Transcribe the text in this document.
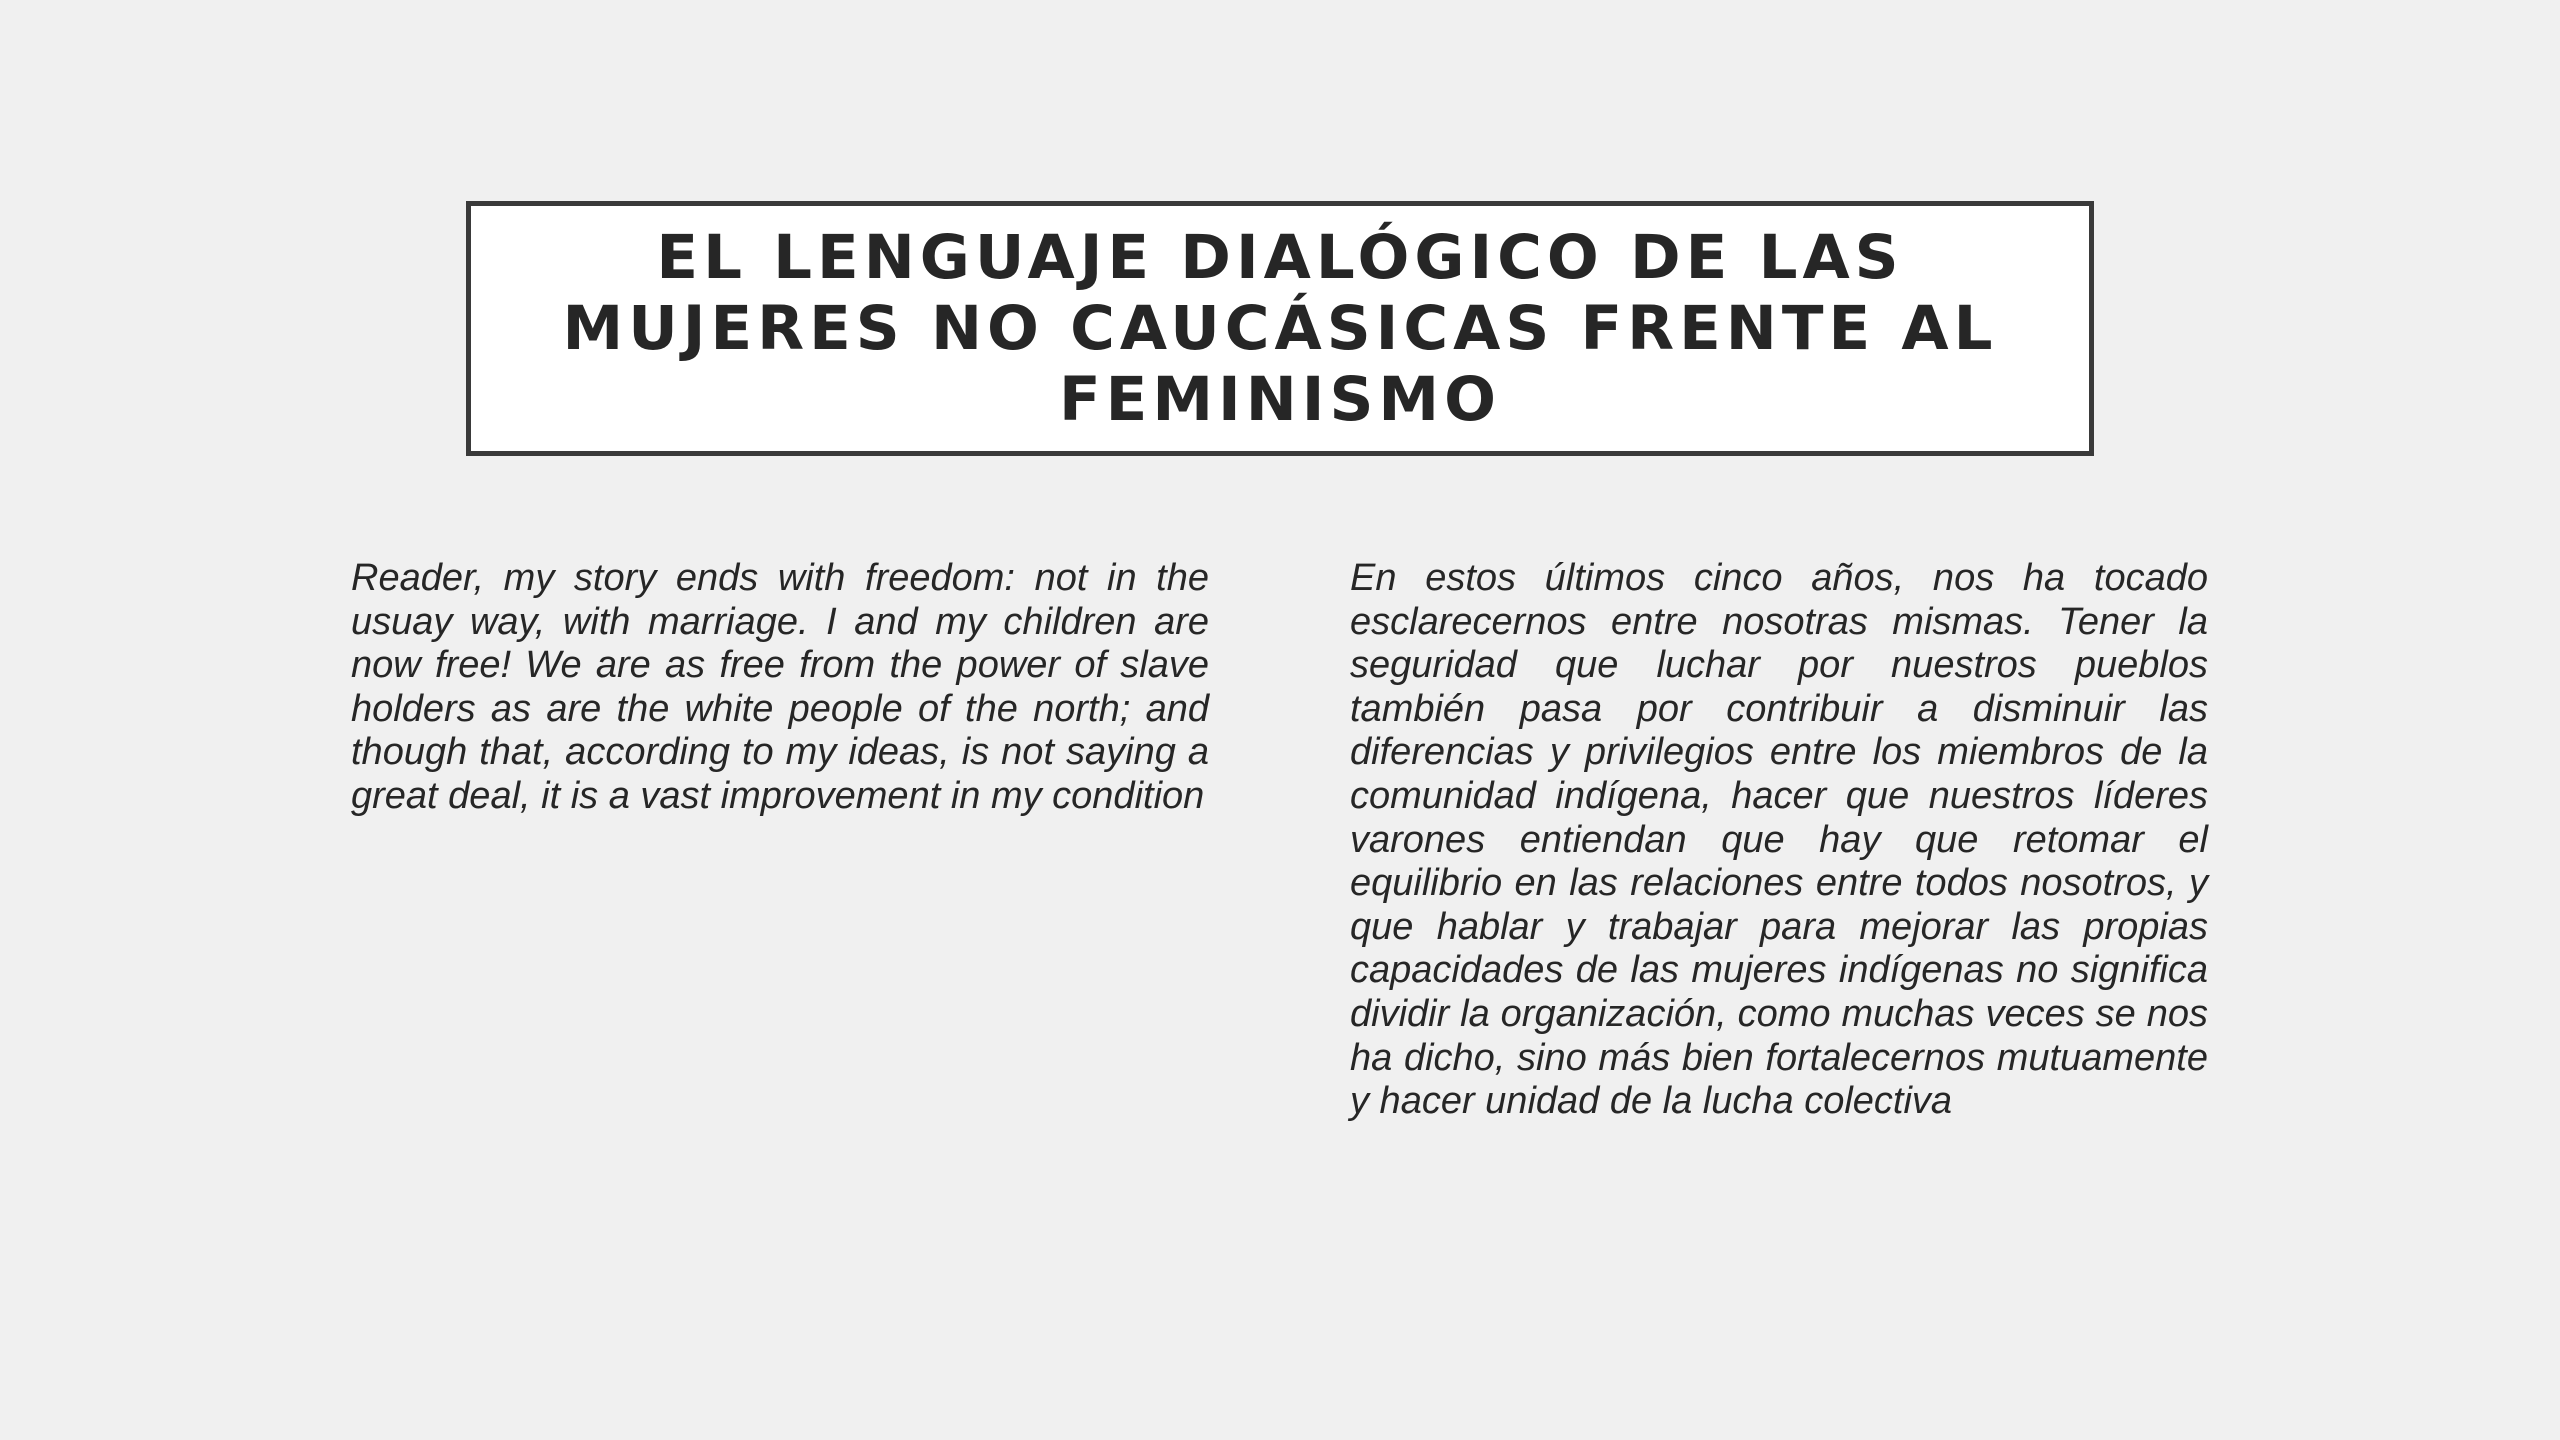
EL LENGUAJE DIALÓGICO DE LAS MUJERES NO CAUCÁSICAS FRENTE AL FEMINISMO

Reader, my story ends with freedom: not in the usuay way, with marriage. I and my children are now free! We are as free from the power of slave holders as are the white people of the north; and though that, according to my ideas, is not saying a great deal, it is a vast improvement in my condition

En estos últimos cinco años, nos ha tocado esclarecernos entre nosotras mismas. Tener la seguridad que luchar por nuestros pueblos también pasa por contribuir a disminuir las diferencias y privilegios entre los miembros de la comunidad indígena, hacer que nuestros líderes varones entiendan que hay que retomar el equilibrio en las relaciones entre todos nosotros, y que hablar y trabajar para mejorar las propias capacidades de las mujeres indígenas no significa dividir la organización, como muchas veces se nos ha dicho, sino más bien fortalecernos mutuamente y hacer unidad de la lucha colectiva
